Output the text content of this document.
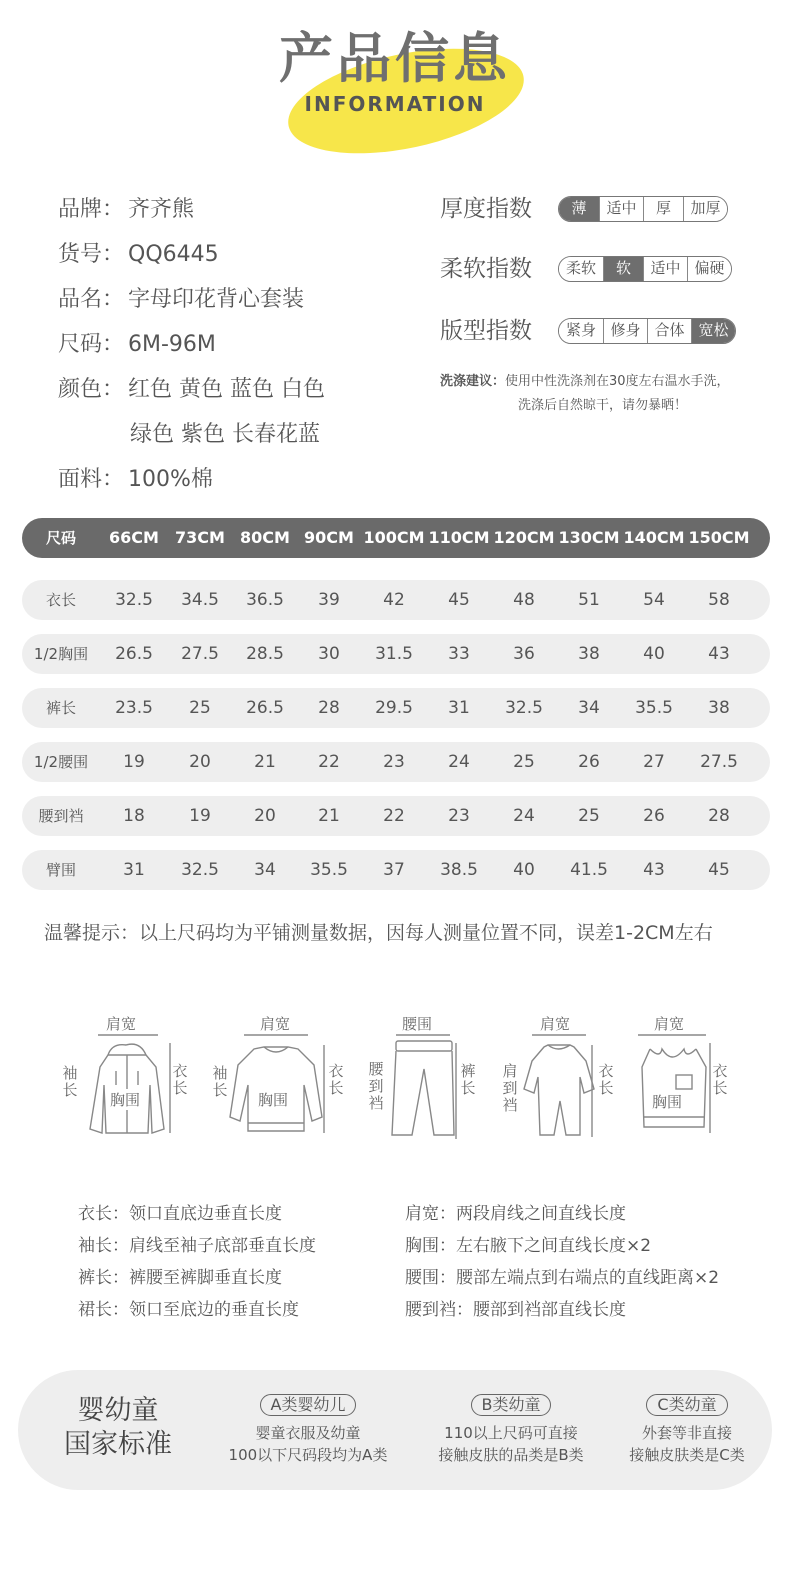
产品信息
INFORMATION
品牌： 齐齐熊
货号： QQ6445
品名： 字母印花背心套装
尺码： 6M-96M
颜色： 红色 黄色 蓝色 白色
绿色 紫色 长春花蓝
面料： 100%棉
厚度指数	薄	适中	厚	加厚
柔软指数	柔软	软	适中 偏硬
版型指数	紧身 修身 合体 宽松
洗涤建议：使用中性洗涤剂在30度左右温水手洗，
洗涤后自然晾干，请勿暴晒！
尺码	66CM	73CM 80CM 90CM 100CM 110CM 120CM 130CM 140CM 150CM
衣长	32.5	34.5	36.5	39	42	45	48	51	54	58
1/2胸围	26.5	27.5	28.5	30	31.5	33	36	38	40	43
裤长	23.5	25	26.5	28	29.5	31	32.5	34	35.5	38
1/2腰围	19	20	21	22	23	24	25	26	27	27.5
腰到裆	18	19	20	21	22	23	24	25	26	28
臂围	31	32.5	34	35.5	37	38.5	40	41.5	43	45
温馨提示：以上尺码均为平铺测量数据，因每人测量位置不同，误差1-2CM左右
肩宽
袖长
衣长
胸围
肩宽
袖长
衣长
胸围
腰围
腰到裆
裤长
肩宽
肩到裆
衣长
肩宽
衣长
胸围
衣长：领口直底边垂直长度
袖长：肩线至袖子底部垂直长度
裤长：裤腰至裤脚垂直长度
裙长：领口至底边的垂直长度
肩宽：两段肩线之间直线长度
胸围：左右腋下之间直线长度×2
腰围：腰部左端点到右端点的直线距离×2
腰到裆：腰部到裆部直线长度
婴幼童
国家标准
A类婴幼儿
婴童衣服及幼童
100以下尺码段均为A类
B类幼童
110以上尺码可直接
接触皮肤的品类是B类
C类幼童
外套等非直接
接触皮肤类是C类
